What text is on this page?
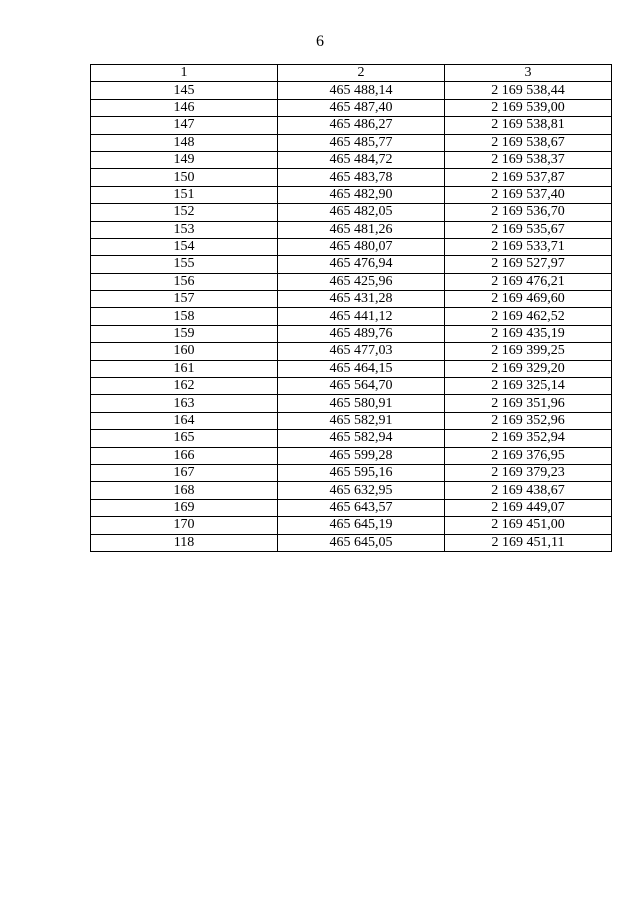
6
1	2	3
145	465 488,14	2 169 538,44
146	465 487,40	2 169 539,00
147	465 486,27	2 169 538,81
148	465 485,77	2 169 538,67
149	465 484,72	2 169 538,37
150	465 483,78	2 169 537,87
151	465 482,90	2 169 537,40
152	465 482,05	2 169 536,70
153	465 481,26	2 169 535,67
154	465 480,07	2 169 533,71
155	465 476,94	2 169 527,97
156	465 425,96	2 169 476,21
157	465 431,28	2 169 469,60
158	465 441,12	2 169 462,52
159	465 489,76	2 169 435,19
160	465 477,03	2 169 399,25
161	465 464,15	2 169 329,20
162	465 564,70	2 169 325,14
163	465 580,91	2 169 351,96
164	465 582,91	2 169 352,96
165	465 582,94	2 169 352,94
166	465 599,28	2 169 376,95
167	465 595,16	2 169 379,23
168	465 632,95	2 169 438,67
169	465 643,57	2 169 449,07
170	465 645,19	2 169 451,00
118	465 645,05	2 169 451,11
